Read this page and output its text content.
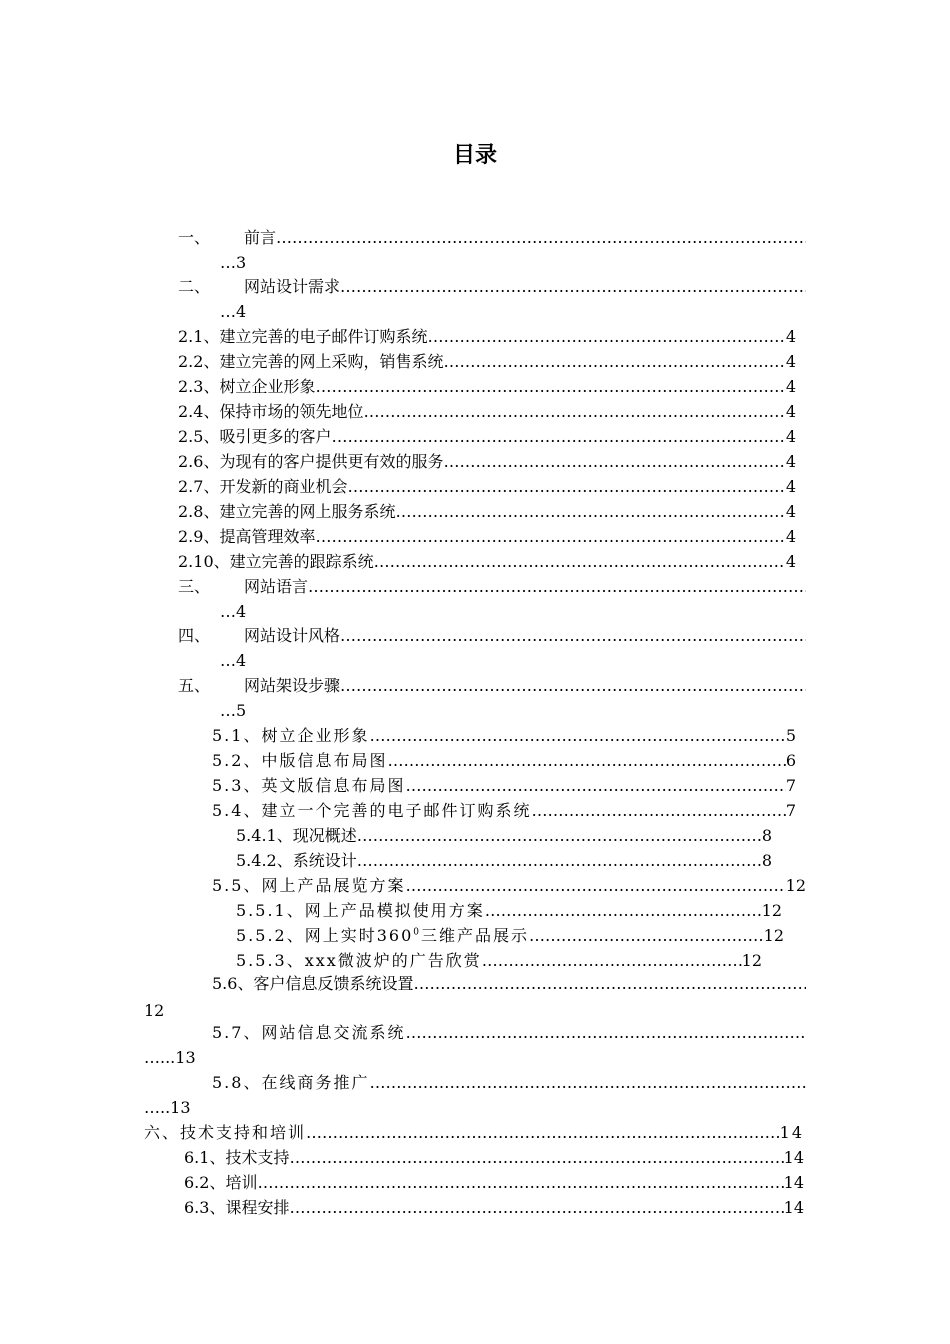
目录
一、 前言
………………………………………………………………………………………………………………………………………………………………………………
…3
二、 网站设计需求
………………………………………………………………………………………………………………………………………………………………………………
…4
2.1、建立完善的电子邮件订购系统	4
………………………………………………………………………………………………………………………………………………………………………………
2.2、建立完善的网上采购，销售系统	4
………………………………………………………………………………………………………………………………………………………………………………
2.3、树立企业形象	4
………………………………………………………………………………………………………………………………………………………………………………
2.4、保持市场的领先地位	4
………………………………………………………………………………………………………………………………………………………………………………
2.5、吸引更多的客户	4
………………………………………………………………………………………………………………………………………………………………………………
2.6、为现有的客户提供更有效的服务	4
………………………………………………………………………………………………………………………………………………………………………………
2.7、开发新的商业机会	4
………………………………………………………………………………………………………………………………………………………………………………
2.8、建立完善的网上服务系统	4
………………………………………………………………………………………………………………………………………………………………………………
2.9、提高管理效率	4
………………………………………………………………………………………………………………………………………………………………………………
2.10、建立完善的跟踪系统	4
………………………………………………………………………………………………………………………………………………………………………………
三、 网站语言
………………………………………………………………………………………………………………………………………………………………………………
…4
四、 网站设计风格
………………………………………………………………………………………………………………………………………………………………………………
…4
五、 网站架设步骤
………………………………………………………………………………………………………………………………………………………………………………
…5
5.1、树立企业形象	5
………………………………………………………………………………………………………………………………………………………………………………
5.2、中版信息布局图	6
………………………………………………………………………………………………………………………………………………………………………………
5.3、英文版信息布局图	7
………………………………………………………………………………………………………………………………………………………………………………
5.4、建立一个完善的电子邮件订购系统	7
………………………………………………………………………………………………………………………………………………………………………………
5.4.1、现况概述	8
………………………………………………………………………………………………………………………………………………………………………………
5.4.2、系统设计	8
………………………………………………………………………………………………………………………………………………………………………………
5.5、网上产品展览方案	12
………………………………………………………………………………………………………………………………………………………………………………
5.5.1、网上产品模拟使用方案	12
………………………………………………………………………………………………………………………………………………………………………………
5.5.2、网上实时$360^0$三维产品展示	12
………………………………………………………………………………………………………………………………………………………………………………
5.5.3、xxx微波炉的广告欣赏	12
………………………………………………………………………………………………………………………………………………………………………………
5.6、客户信息反馈系统设置
………………………………………………………………………………………………………………………………………………………………………………
12
5.7、网站信息交流系统
………………………………………………………………………………………………………………………………………………………………………………
…...13
5.8、在线商务推广
………………………………………………………………………………………………………………………………………………………………………………
…..13
六、技术支持和培训	14
………………………………………………………………………………………………………………………………………………………………………………
6.1、技术支持	14
………………………………………………………………………………………………………………………………………………………………………………
6.2、培训	14
………………………………………………………………………………………………………………………………………………………………………………
6.3、课程安排	14
………………………………………………………………………………………………………………………………………………………………………………
